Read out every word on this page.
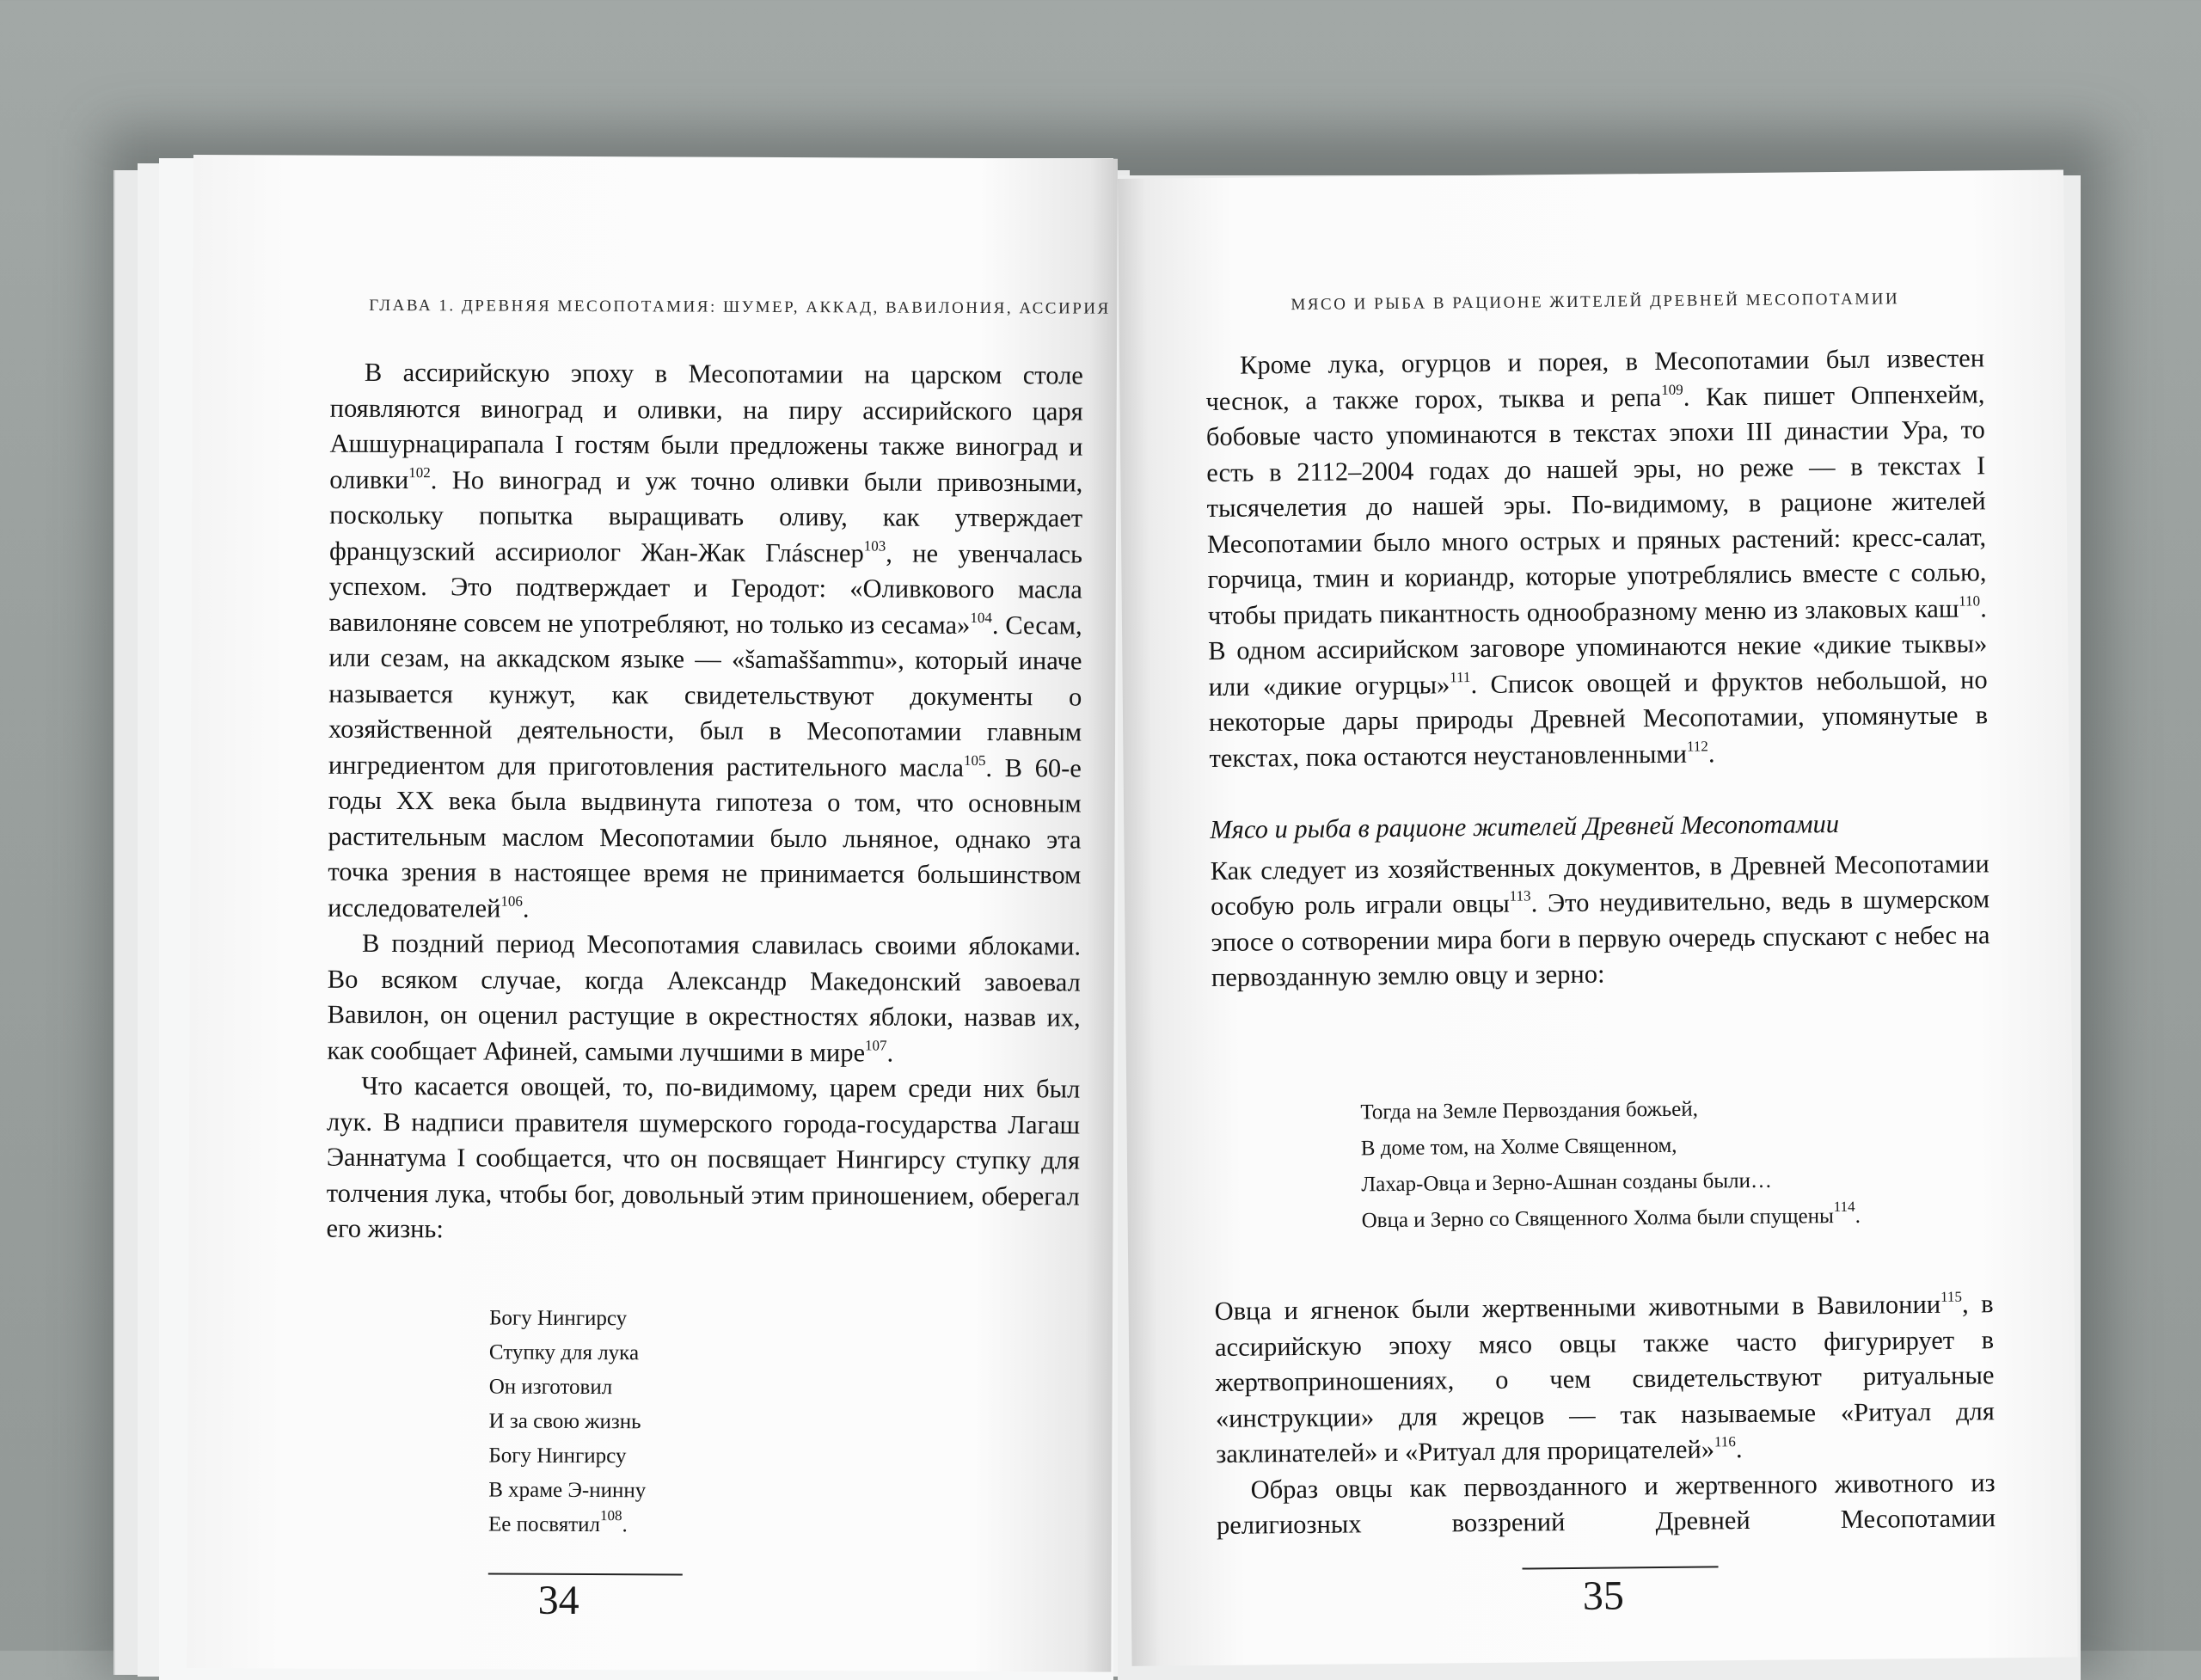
ГЛАВА 1. ДРЕВНЯЯ МЕСОПОТАМИЯ: ШУМЕР, АККАД, ВАВИЛОНИЯ, АССИРИЯ

В ассирийскую эпоху в Месопотамии на царском столе появляются виноград и оливки, на пиру ассирийского царя Ашшурнацирапала I гостям были предложены также виноград и оливки$^{102}$. Но виноград и уж точно оливки были привозными, поскольку попытка выращивать оливу, как утверждает французский ассириолог Жан-Жак Глásснер$^{103}$, не увенчалась успехом. Это подтверждает и Геродот: «Оливкового масла вавилоняне совсем не употребляют, но только из сесама»$^{104}$. Сесам, или сезам, на аккадском языке — «šamaššammu», который иначе называется кунжут, как свидетельствуют документы о хозяйственной деятельности, был в Месопотамии главным ингредиентом для приготовления растительного масла$^{105}$. В 60-е годы XX века была выдвинута гипотеза о том, что основным растительным маслом Месопотамии было льняное, однако эта точка зрения в настоящее время не принимается большинством исследователей$^{106}$.

В поздний период Месопотамия славилась своими яблоками. Во всяком случае, когда Александр Македонский завоевал Вавилон, он оценил растущие в окрестностях яблоки, назвав их, как сообщает Афиней, самыми лучшими в мире$^{107}$.

Что касается овощей, то, по-видимому, царем среди них был лук. В надписи правителя шумерского города-государства Лагаш Эаннатума I сообщается, что он посвящает Нингирсу ступку для толчения лука, чтобы бог, довольный этим приношением, оберегал его жизнь:

Богу Нингирсу
Ступку для лука
Он изготовил
И за свою жизнь
Богу Нингирсу
В храме Э-нинну
Ее посвятил$^{108}$.
34
МЯСО И РЫБА В РАЦИОНЕ ЖИТЕЛЕЙ ДРЕВНЕЙ МЕСОПОТАМИИ

Кроме лука, огурцов и порея, в Месопотамии был известен чеснок, а также горох, тыква и репа$^{109}$. Как пишет Оппенхейм, бобовые часто упоминаются в текстах эпохи III династии Ура, то есть в 2112–2004 годах до нашей эры, но реже — в текстах I тысячелетия до нашей эры. По-видимому, в рационе жителей Месопотамии было много острых и пряных растений: кресс-салат, горчица, тмин и кориандр, которые употреблялись вместе с солью, чтобы придать пикантность однообразному меню из злаковых каш$^{110}$. В одном ассирийском заговоре упоминаются некие «дикие тыквы» или «дикие огурцы»$^{111}$. Список овощей и фруктов небольшой, но некоторые дары природы Древней Месопотамии, упомянутые в текстах, пока остаются неустановленными$^{112}$.

Мясо и рыба в рационе жителей Древней Месопотамии

Как следует из хозяйственных документов, в Древней Месопотамии особую роль играли овцы$^{113}$. Это неудивительно, ведь в шумерском эпосе о сотворении мира боги в первую очередь спускают с небес на первозданную землю овцу и зерно:

Тогда на Земле Первоздания божьей,
В доме том, на Холме Священном,
Лахар-Овца и Зерно-Ашнан созданы были…
Овца и Зерно со Священного Холма были спущены$^{114}$.

Овца и ягненок были жертвенными животными в Вавилонии$^{115}$, в ассирийскую эпоху мясо овцы также часто фигурирует в жертвоприношениях, о чем свидетельствуют ритуальные «инструкции» для жрецов — так называемые «Ритуал для заклинателей» и «Ритуал для прорицателей»$^{116}$.

Образ овцы как первозданного и жертвенного животного из религиозных воззрений Древней Месопотамии

35
